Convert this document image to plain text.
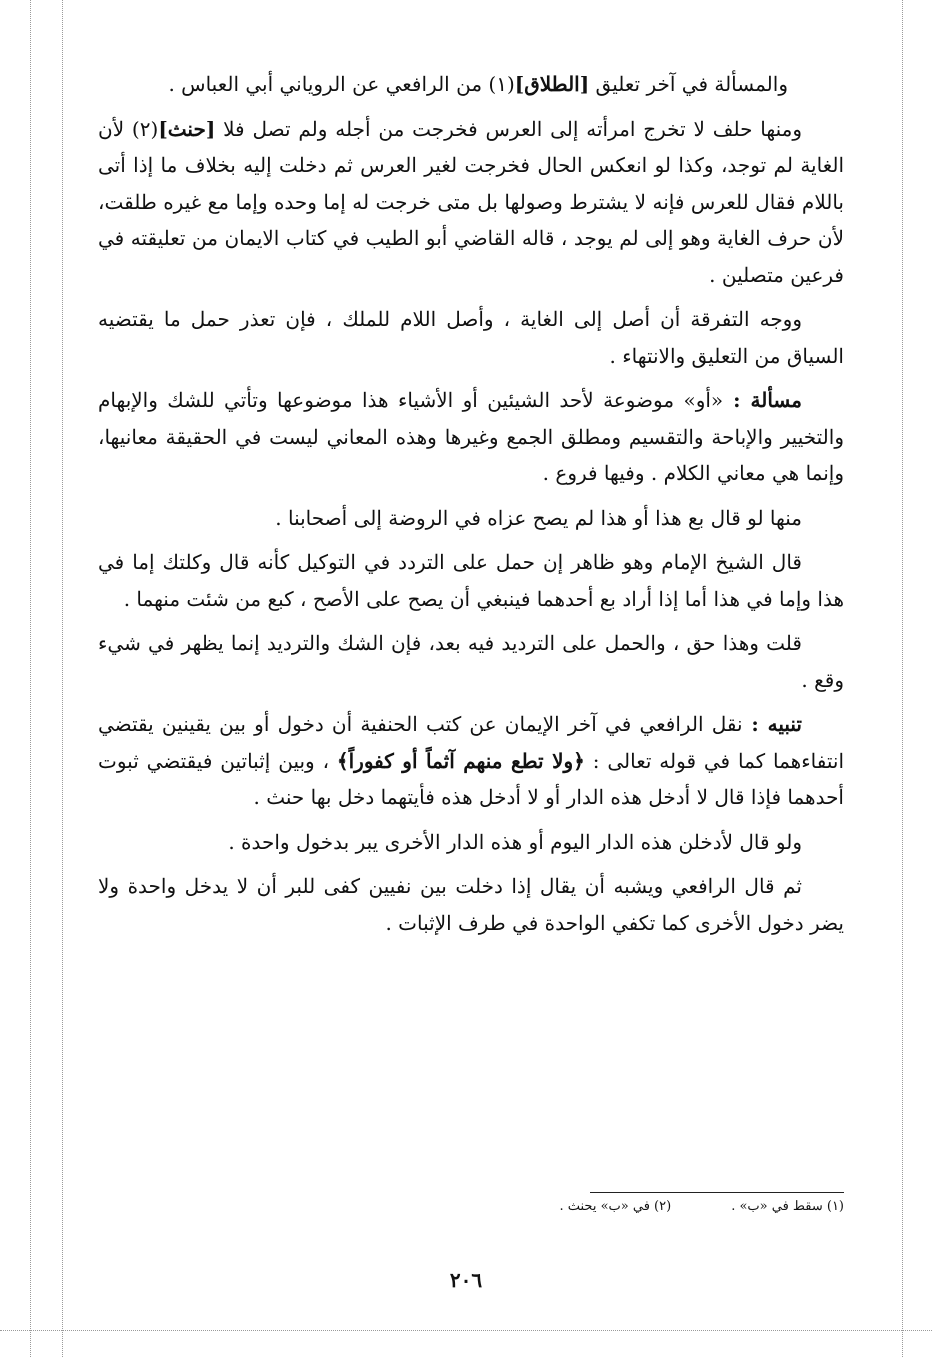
والمسألة في آخر تعليق [الطلاق](١) من الرافعي عن الروياني أبي العباس .

ومنها حلف لا تخرج امرأته إلى العرس فخرجت من أجله ولم تصل فلا [حنث](٢) لأن الغاية لم توجد، وكذا لو انعكس الحال فخرجت لغير العرس ثم دخلت إليه بخلاف ما إذا أتى باللام فقال للعرس فإنه لا يشترط وصولها بل متى خرجت له إما وحده وإما مع غيره طلقت، لأن حرف الغاية وهو إلى لم يوجد ، قاله القاضي أبو الطيب في كتاب الايمان من تعليقته في فرعين متصلين .

ووجه التفرقة أن أصل إلى الغاية ، وأصل اللام للملك ، فإن تعذر حمل ما يقتضيه السياق من التعليق والانتهاء .

مسألة : «أو» موضوعة لأحد الشيئين أو الأشياء هذا موضوعها وتأتي للشك والإبهام والتخيير والإباحة والتقسيم ومطلق الجمع وغيرها وهذه المعاني ليست في الحقيقة معانيها، وإنما هي معاني الكلام . وفيها فروع .

منها لو قال بع هذا أو هذا لم يصح عزاه في الروضة إلى أصحابنا .

قال الشيخ الإمام وهو ظاهر إن حمل على التردد في التوكيل كأنه قال وكلتك إما في هذا وإما في هذا أما إذا أراد بع أحدهما فينبغي أن يصح على الأصح ، كبع من شئت منهما .

قلت وهذا حق ، والحمل على الترديد فيه بعد، فإن الشك والترديد إنما يظهر في شيء وقع .

تنبيه : نقل الرافعي في آخر الإيمان عن كتب الحنفية أن دخول أو بين يقينين يقتضي انتفاءهما كما في قوله تعالى : ﴿ولا تطع منهم آثماً أو كفوراً﴾ ، وبين إثباتين فيقتضي ثبوت أحدهما فإذا قال لا أدخل هذه الدار أو لا أدخل هذه فأيتهما دخل بها حنث .

ولو قال لأدخلن هذه الدار اليوم أو هذه الدار الأخرى يبر بدخول واحدة .

ثم قال الرافعي ويشبه أن يقال إذا دخلت بين نفيين كفى للبر أن لا يدخل واحدة ولا يضر دخول الأخرى كما تكفي الواحدة في طرف الإثبات .

(١) سقط في «ب» .
(٢) في «ب» يحنث .
٢٠٦
